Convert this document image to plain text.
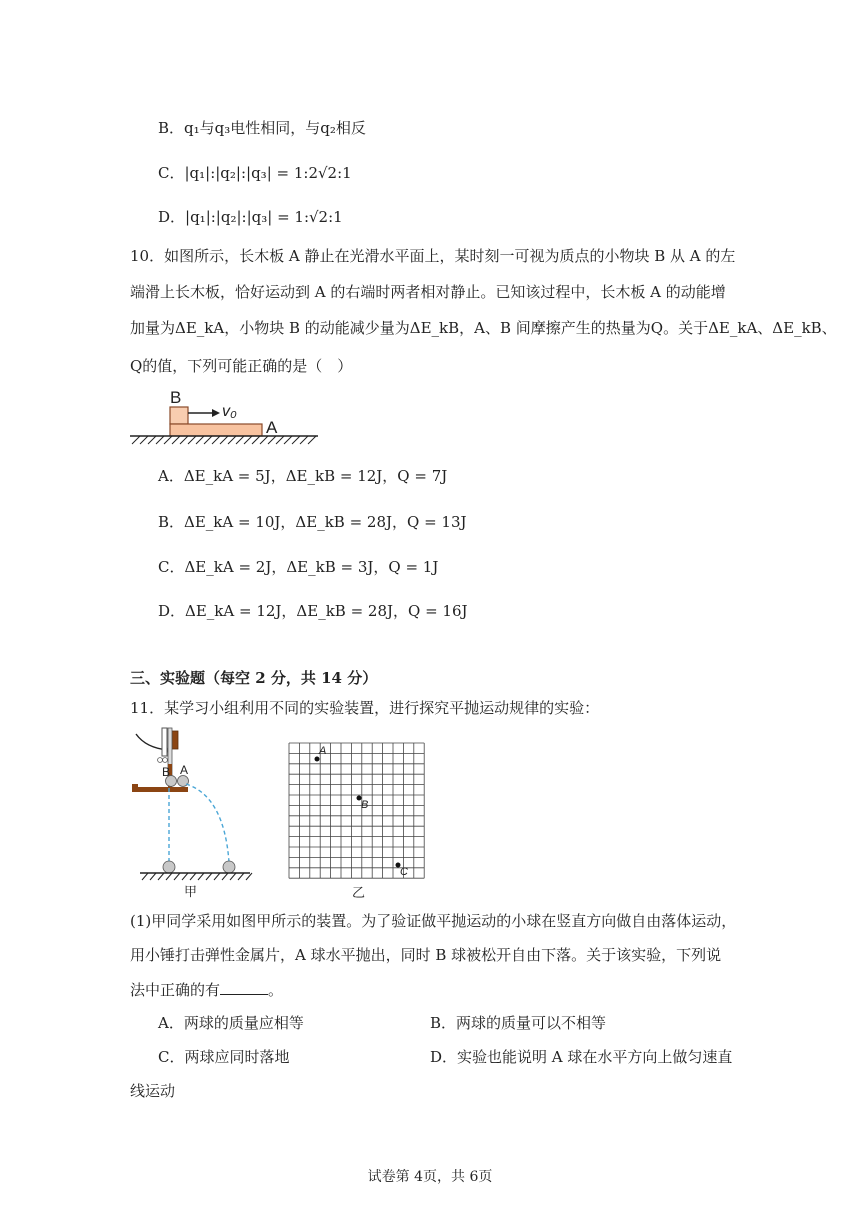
B．q₁与q₃电性相同，与q₂相反
C．|q₁|:|q₂|:|q₃| = 1:2√2:1
D．|q₁|:|q₂|:|q₃| = 1:√2:1
10．如图所示，长木板 A 静止在光滑水平面上，某时刻一可视为质点的小物块 B 从 A 的左
端滑上长木板，恰好运动到 A 的右端时两者相对静止。已知该过程中，长木板 A 的动能增
加量为ΔE_kA，小物块 B 的动能减少量为ΔE_kB，A、B 间摩擦产生的热量为Q。关于ΔE_kA、ΔE_kB、
Q的值，下列可能正确的是（　）
B
A
v₀
A．ΔE_kA = 5J，ΔE_kB = 12J，Q = 7J
B．ΔE_kA = 10J，ΔE_kB = 28J，Q = 13J
C．ΔE_kA = 2J，ΔE_kB = 3J，Q = 1J
D．ΔE_kA = 12J，ΔE_kB = 28J，Q = 16J
三、实验题（每空 2 分，共 14 分）
11．某学习小组利用不同的实验装置，进行探究平抛运动规律的实验：
B A
甲
A
B
C
乙
(1)甲同学采用如图甲所示的装置。为了验证做平抛运动的小球在竖直方向做自由落体运动，
用小锤打击弹性金属片，A 球水平抛出，同时 B 球被松开自由下落。关于该实验，下列说
法中正确的有	。
A．两球的质量应相等	B．两球的质量可以不相等
C．两球应同时落地	D．实验也能说明 A 球在水平方向上做匀速直
线运动
试卷第 4页，共 6页
